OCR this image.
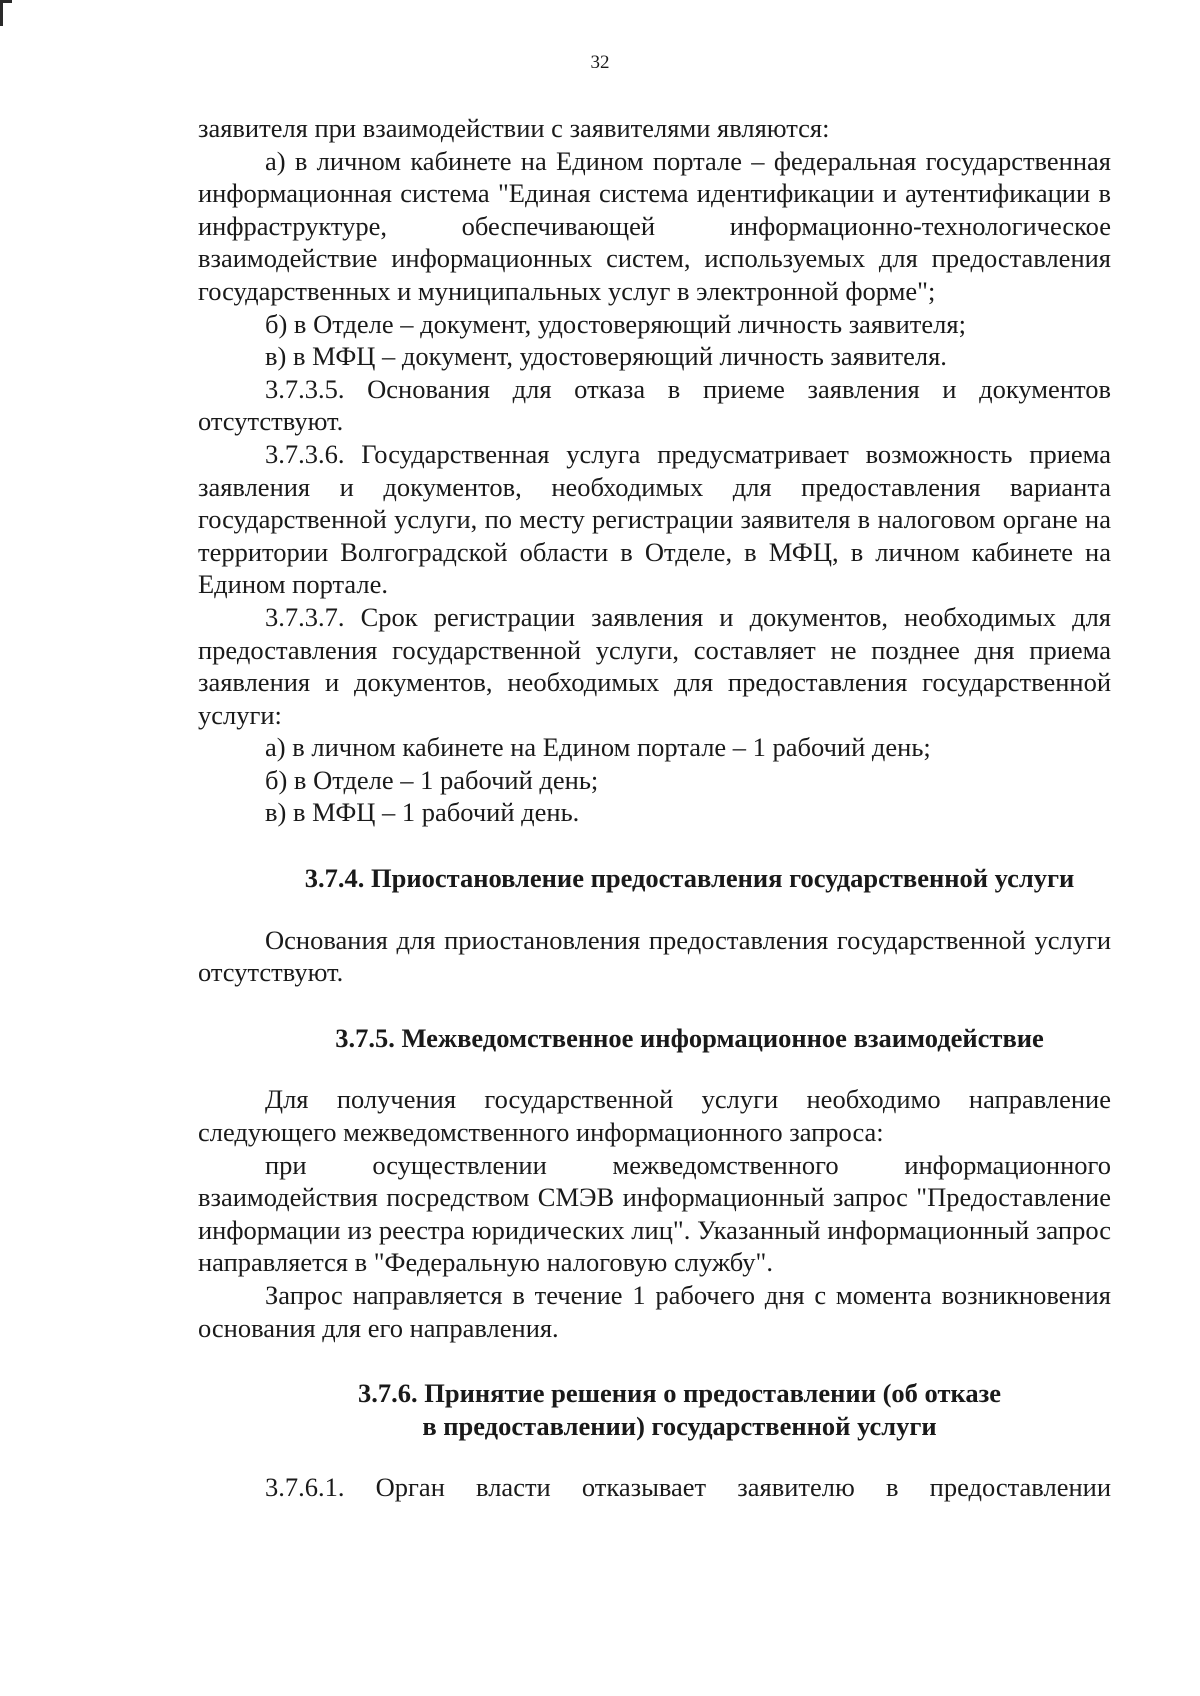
32

заявителя при взаимодействии с заявителями являются:

а) в личном кабинете на Едином портале – федеральная государственная информационная система "Единая система идентификации и аутентификации в инфраструктуре, обеспечивающей информационно-технологическое взаимодействие информационных систем, используемых для предоставления государственных и муниципальных услуг в электронной форме";

б) в Отделе – документ, удостоверяющий личность заявителя;

в) в МФЦ – документ, удостоверяющий личность заявителя.

3.7.3.5. Основания для отказа в приеме заявления и документов отсутствуют.

3.7.3.6. Государственная услуга предусматривает возможность приема заявления и документов, необходимых для предоставления варианта государственной услуги, по месту регистрации заявителя в налоговом органе на территории Волгоградской области в Отделе, в МФЦ, в личном кабинете на Едином портале.

3.7.3.7. Срок регистрации заявления и документов, необходимых для предоставления государственной услуги, составляет не позднее дня приема заявления и документов, необходимых для предоставления государственной услуги:

а) в личном кабинете на Едином портале – 1 рабочий день;

б) в Отделе – 1 рабочий день;

в) в МФЦ – 1 рабочий день.

3.7.4. Приостановление предоставления государственной услуги

Основания для приостановления предоставления государственной услуги отсутствуют.

3.7.5. Межведомственное информационное взаимодействие

Для получения государственной услуги необходимо направление следующего межведомственного информационного запроса:

при осуществлении межведомственного информационного взаимодействия посредством СМЭВ информационный запрос "Предоставление информации из реестра юридических лиц". Указанный информационный запрос направляется в "Федеральную налоговую службу".

Запрос направляется в течение 1 рабочего дня с момента возникновения основания для его направления.

3.7.6. Принятие решения о предоставлении (об отказе
в предоставлении) государственной услуги

3.7.6.1. Орган власти отказывает заявителю в предоставлении
